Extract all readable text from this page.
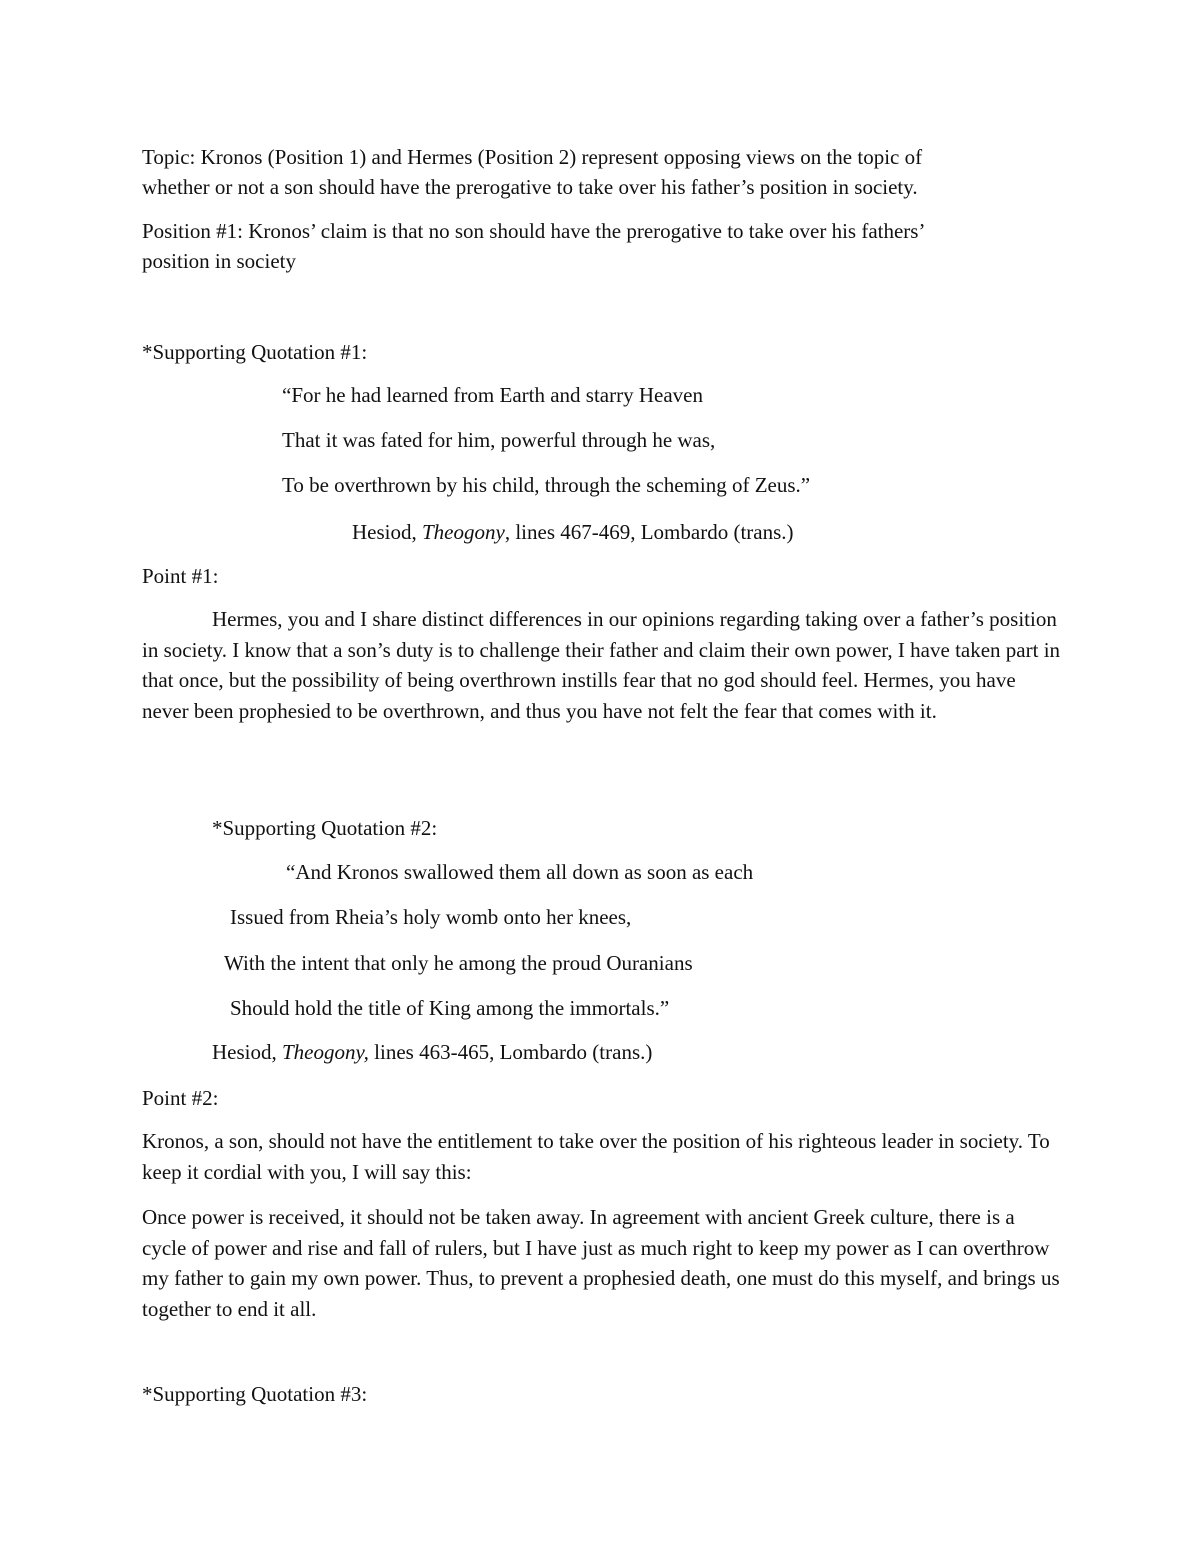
Topic: Kronos (Position 1) and Hermes (Position 2) represent opposing views on the topic of

whether or not a son should have the prerogative to take over his father’s position in society.

Position #1: Kronos’ claim is that no son should have the prerogative to take over his fathers’

position in society

*Supporting Quotation #1:

“For he had learned from Earth and starry Heaven

That it was fated for him, powerful through he was,

To be overthrown by his child, through the scheming of Zeus.”

Hesiod, Theogony, lines 467-469, Lombardo (trans.)

Point #1:

Hermes, you and I share distinct differences in our opinions regarding taking over a father’s position in society. I know that a son’s duty is to challenge their father and claim their own power, I have taken part in that once, but the possibility of being overthrown instills fear that no god should feel. Hermes, you have never been prophesied to be overthrown, and thus you have not felt the fear that comes with it.

*Supporting Quotation #2:

“And Kronos swallowed them all down as soon as each

Issued from Rheia’s holy womb onto her knees,

With the intent that only he among the proud Ouranians

Should hold the title of King among the immortals.”

Hesiod, Theogony, lines 463-465, Lombardo (trans.)

Point #2:

Kronos, a son, should not have the entitlement to take over the position of his righteous leader in society. To keep it cordial with you, I will say this:

Once power is received, it should not be taken away. In agreement with ancient Greek culture, there is a cycle of power and rise and fall of rulers, but I have just as much right to keep my power as I can overthrow my father to gain my own power. Thus, to prevent a prophesied death, one must do this myself, and brings us together to end it all.

*Supporting Quotation #3:
